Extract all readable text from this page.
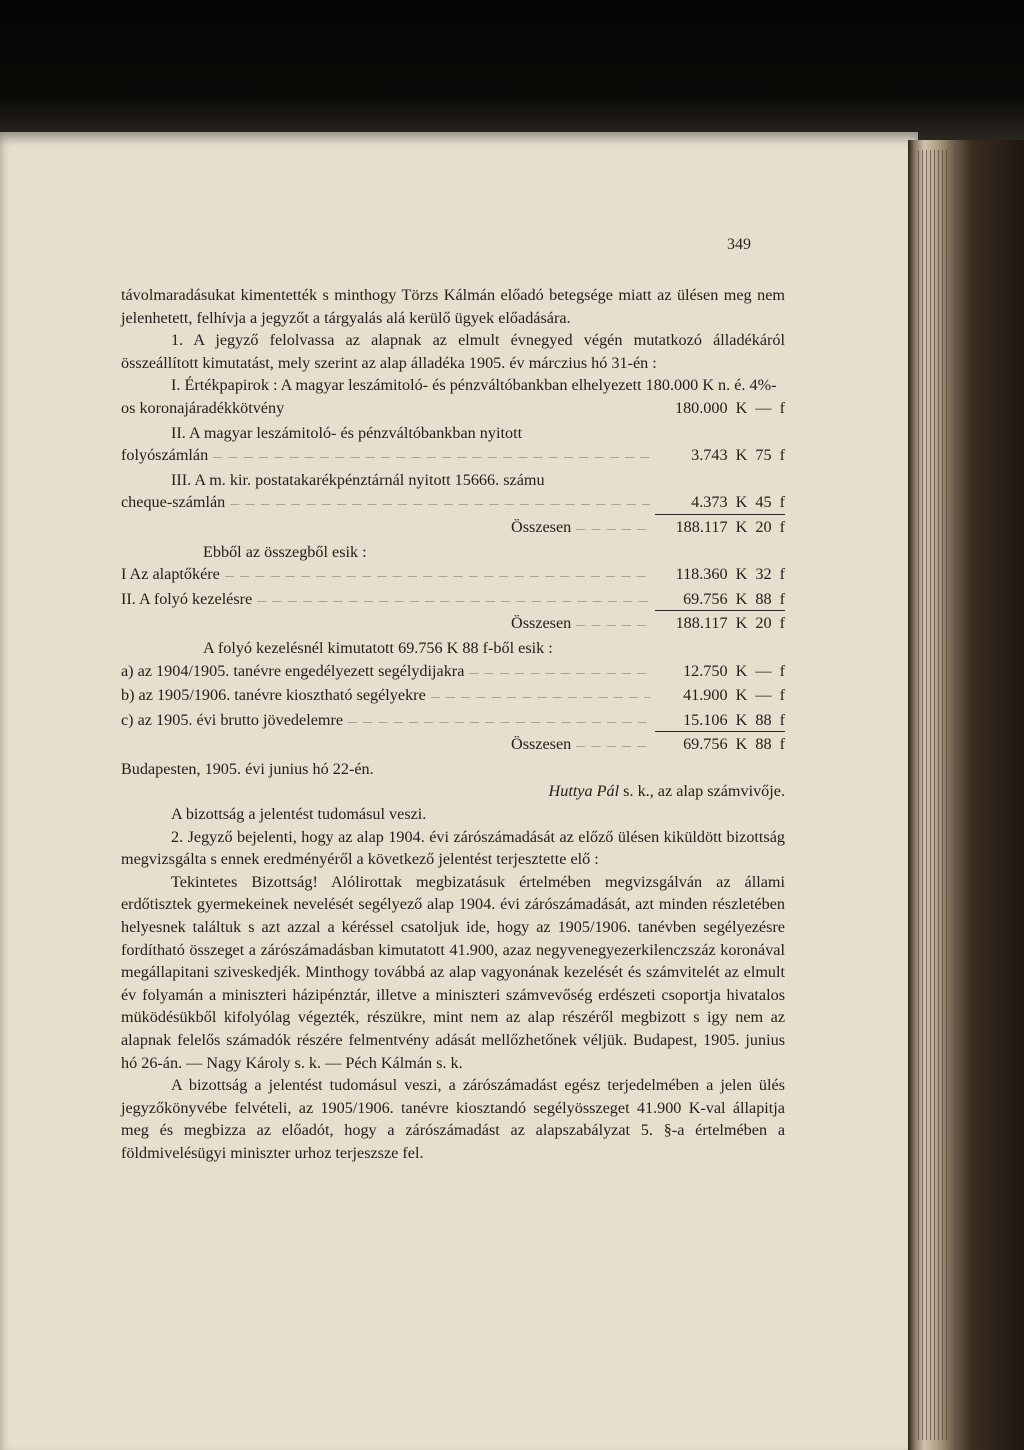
349

távolmaradásukat kimentették s minthogy Törzs Kálmán előadó betegsége miatt az ülésen meg nem jelenhetett, felhívja a jegyzőt a tárgyalás alá kerülő ügyek előadására.

1. A jegyző felolvassa az alapnak az elmult évnegyed végén mutatkozó álladékáról összeállított kimutatást, mely szerint az alap álladéka 1905. év márczius hó 31-én :

I. Értékpapirok : A magyar leszámitoló- és pénzváltóbankban elhelyezett 180.000 K n. é. 4%-os koronajáradékkötvény	180.000 K — f

II. A magyar leszámitoló- és pénzváltóbankban nyitott

folyószámlán — — —	3.743 K 75 f

III. A m. kir. postatakarékpénztárnál nyitott 15666. számu

cheque-számlán — — —	4.373 K 45 f
Összesen — — —	188.117 K 20 f

Ebből az összegből esik :

I Az alaptőkére — — —	118.360 K 32 f
II. A folyó kezelésre — — —	69.756 K 88 f
Összesen — — —	188.117 K 20 f

A folyó kezelésnél kimutatott 69.756 K 88 f-ből esik :

a) az 1904/1905. tanévre engedélyezett segélydijakra — — —	12.750 K — f
b) az 1905/1906. tanévre kiosztható segélyekre — — —	41.900 K — f
c) az 1905. évi brutto jövedelemre — — —	15.106 K 88 f
Összesen — — —	69.756 K 88 f

Budapesten, 1905. évi junius hó 22-én.

Huttya Pál s. k., az alap számvivője.

A bizottság a jelentést tudomásul veszi.

2. Jegyző bejelenti, hogy az alap 1904. évi zárószámadását az előző ülésen kiküldött bizottság megvizsgálta s ennek eredményéről a következő jelentést terjesztette elő :

Tekintetes Bizottság! Alólirottak megbizatásuk értelmében megvizsgálván az állami erdőtisztek gyermekeinek nevelését segélyező alap 1904. évi zárószámadását, azt minden részletében helyesnek találtuk s azt azzal a kéréssel csatoljuk ide, hogy az 1905/1906. tanévben segélyezésre fordítható összeget a zárószámadásban kimutatott 41.900, azaz negyvenegyezerkilenczszáz koronával megállapitani sziveskedjék. Minthogy továbbá az alap vagyonának kezelését és számvitelét az elmult év folyamán a miniszteri házipénztár, illetve a miniszteri számvevőség erdészeti csoportja hivatalos müködésükből kifolyólag végezték, részükre, mint nem az alap részéről megbizott s igy nem az alapnak felelős számadók részére felmentvény adását mellőzhetőnek véljük. Budapest, 1905. junius hó 26-án. — Nagy Károly s. k. — Péch Kálmán s. k.

A bizottság a jelentést tudomásul veszi, a zárószámadást egész terjedelmében a jelen ülés jegyzőkönyvébe felvételi, az 1905/1906. tanévre kiosztandó segélyösszeget 41.900 K-val állapitja meg és megbizza az előadót, hogy a zárószámadást az alapszabályzat 5. §-a értelmében a földmivelésügyi miniszter urhoz terjeszsze fel.
